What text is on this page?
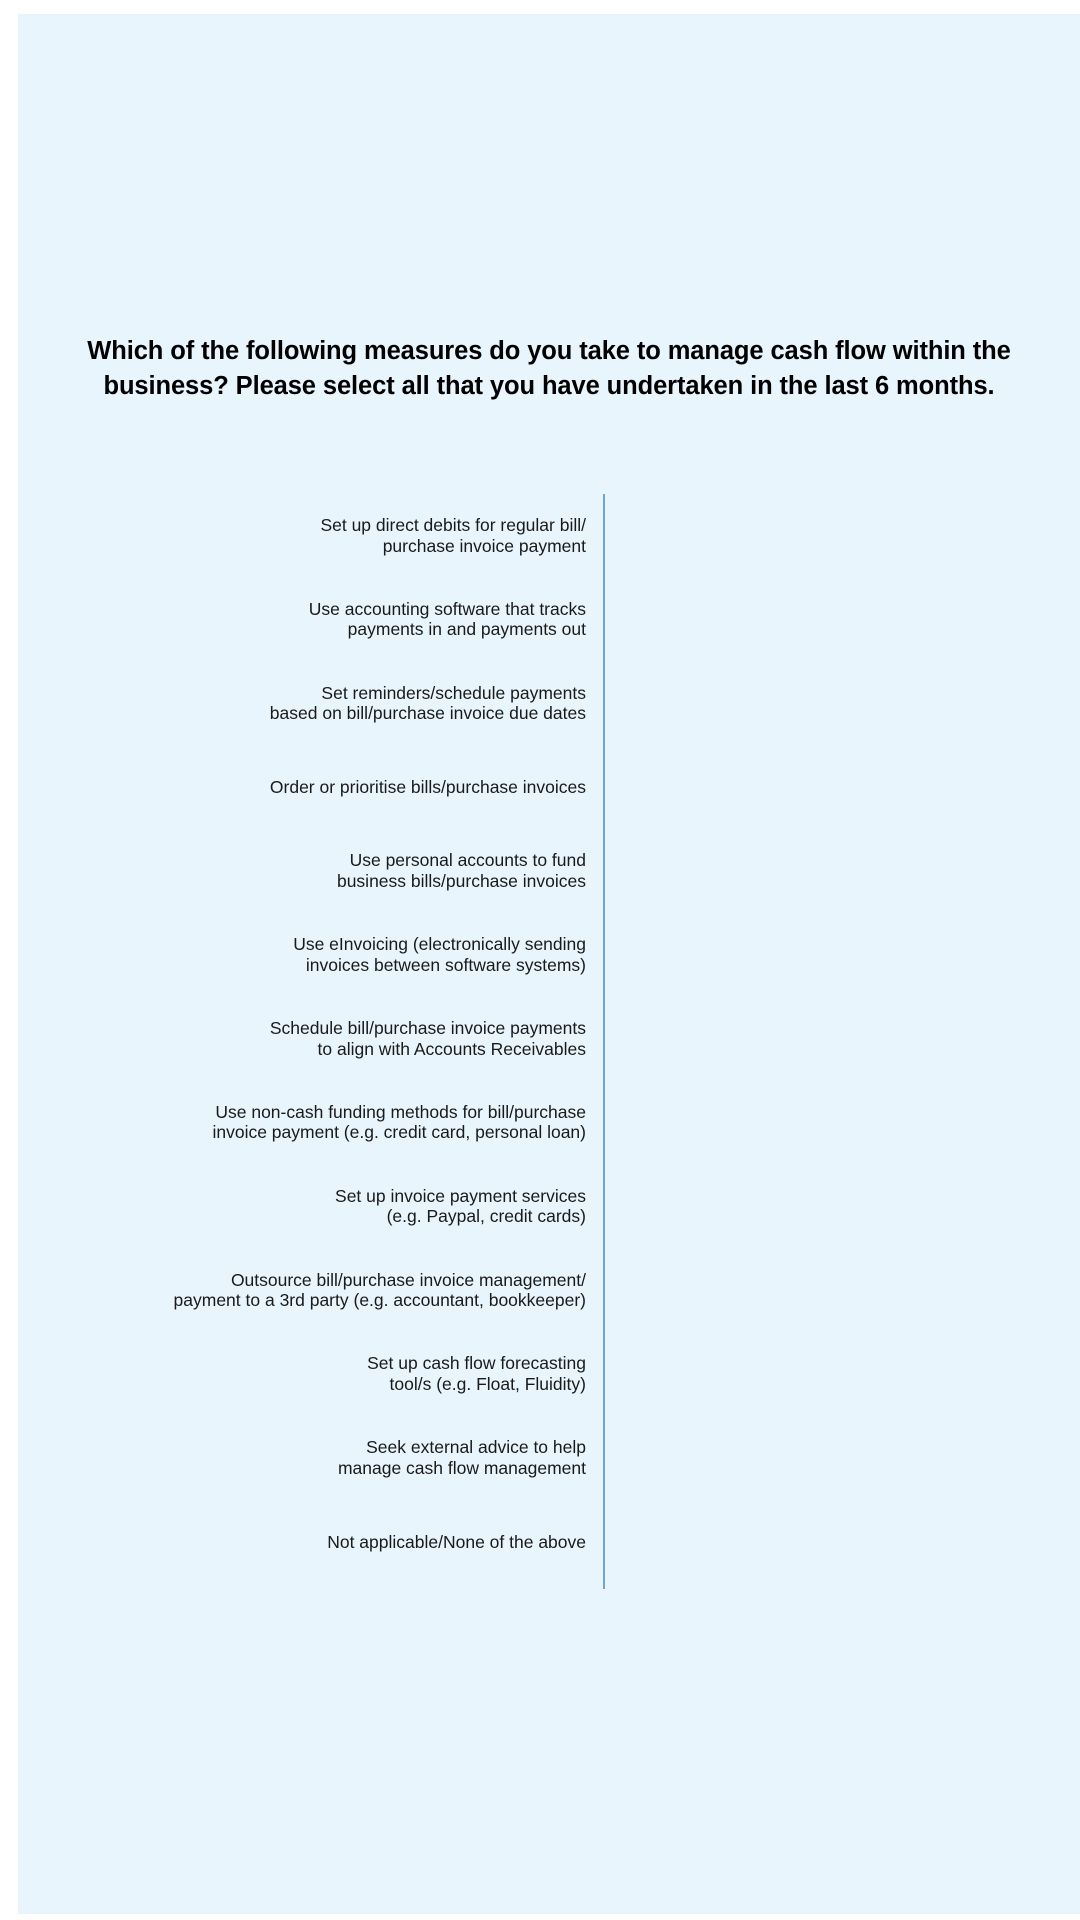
Which of the following measures do you take to manage cash flow within the business? Please select all that you have undertaken in the last 6 months.
Set up direct debits for regular bill/
purchase invoice payment
Use accounting software that tracks
payments in and payments out
Set reminders/schedule payments
based on bill/purchase invoice due dates
Order or prioritise bills/purchase invoices
Use personal accounts to fund
business bills/purchase invoices
Use eInvoicing (electronically sending
invoices between software systems)
Schedule bill/purchase invoice payments
to align with Accounts Receivables
Use non-cash funding methods for bill/purchase
invoice payment (e.g. credit card, personal loan)
Set up invoice payment services
(e.g. Paypal, credit cards)
Outsource bill/purchase invoice management/
payment to a 3rd party (e.g. accountant, bookkeeper)
Set up cash flow forecasting
tool/s (e.g. Float, Fluidity)
Seek external advice to help
manage cash flow management
Not applicable/None of the above
